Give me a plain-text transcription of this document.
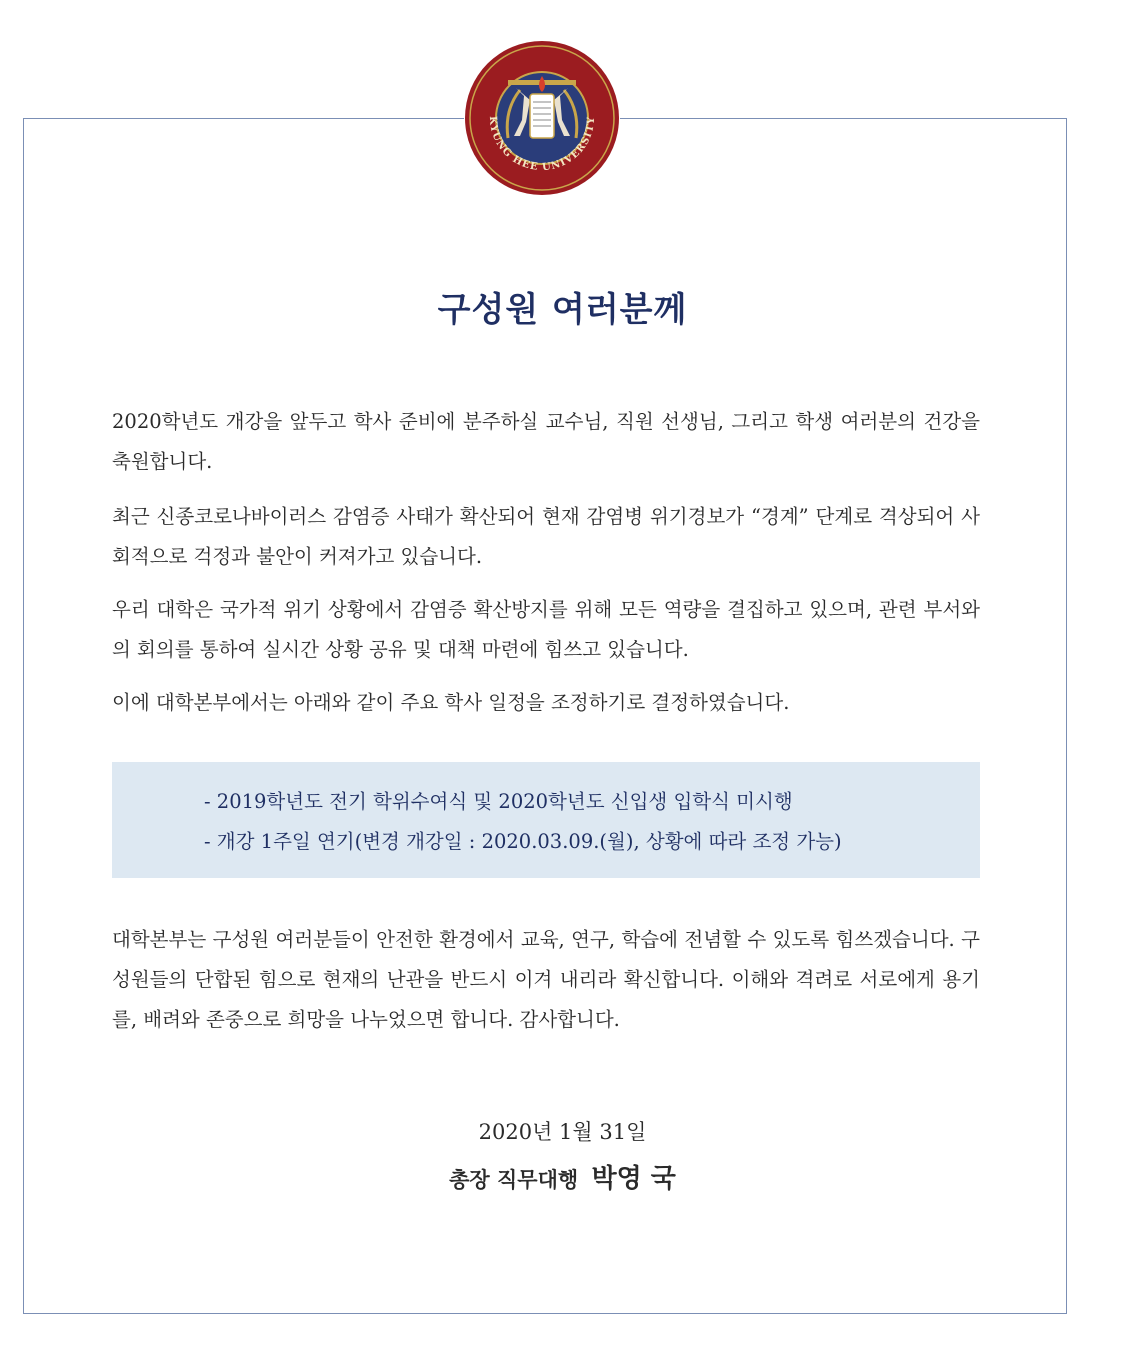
KYUNG HEE UNIVERSITY
구성원 여러분께

2020학년도 개강을 앞두고 학사 준비에 분주하실 교수님, 직원 선생님, 그리고 학생 여러분의 건강을 축원합니다.

최근 신종코로나바이러스 감염증 사태가 확산되어 현재 감염병 위기경보가 “경계” 단계로 격상되어 사회적으로 걱정과 불안이 커져가고 있습니다.

우리 대학은 국가적 위기 상황에서 감염증 확산방지를 위해 모든 역량을 결집하고 있으며, 관련 부서와의 회의를 통하여 실시간 상황 공유 및 대책 마련에 힘쓰고 있습니다.

이에 대학본부에서는 아래와 같이 주요 학사 일정을 조정하기로 결정하였습니다.

- 2019학년도 전기 학위수여식 및 2020학년도 신입생 입학식 미시행
- 개강 1주일 연기(변경 개강일 : 2020.03.09.(월), 상황에 따라 조정 가능)

대학본부는 구성원 여러분들이 안전한 환경에서 교육, 연구, 학습에 전념할 수 있도록 힘쓰겠습니다. 구성원들의 단합된 힘으로 현재의 난관을 반드시 이겨 내리라 확신합니다. 이해와 격려로 서로에게 용기를, 배려와 존중으로 희망을 나누었으면 합니다. 감사합니다.

2020년 1월 31일
총장 직무대행 박영 국
